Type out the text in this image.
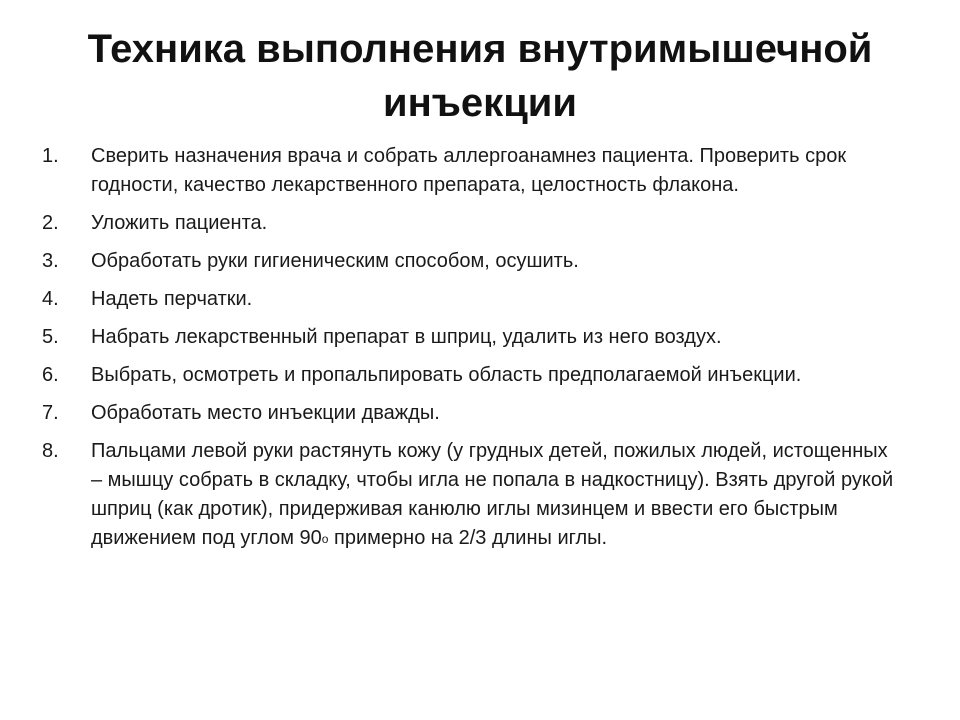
Техника выполнения внутримышечной инъекции
1.	Сверить назначения врача и собрать аллергоанамнез пациента. Проверить срок годности, качество лекарственного препарата, целостность флакона.
2.	Уложить пациента.
3.	Обработать руки гигиеническим способом, осушить.
4.	Надеть перчатки.
5.	Набрать лекарственный препарат в шприц, удалить из него воздух.
6.	Выбрать, осмотреть и пропальпировать область предполагаемой инъекции.
7.	Обработать место инъекции дважды.
8.	Пальцами левой руки растянуть кожу (у грудных детей, пожилых людей, истощенных – мышцу собрать в складку, чтобы игла не попала в надкостницу). Взять другой рукой шприц (как дротик), придерживая канюлю иглы мизинцем и ввести его быстрым движением под углом 90о примерно на 2/3 длины иглы.
